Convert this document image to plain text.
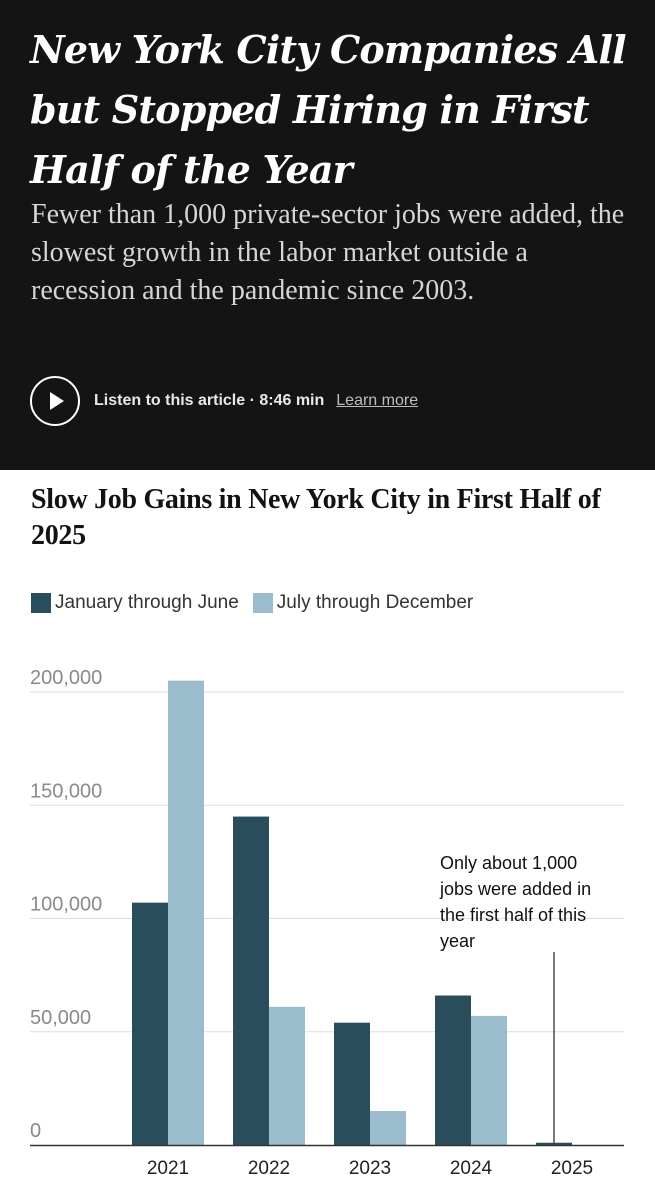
New York City Companies All but Stopped Hiring in First Half of the Year

Fewer than 1,000 private-sector jobs were added, the slowest growth in the labor market outside a recession and the pandemic since 2003.

Listen to this article · 8:46 min Learn more
Slow Job Gains in New York City in First Half of 2025
January through June July through December
0
50,000
100,000
150,000
200,000
2021	2022	2023	2024	2025
Only about 1,000
jobs were added in
the first half of this
year
